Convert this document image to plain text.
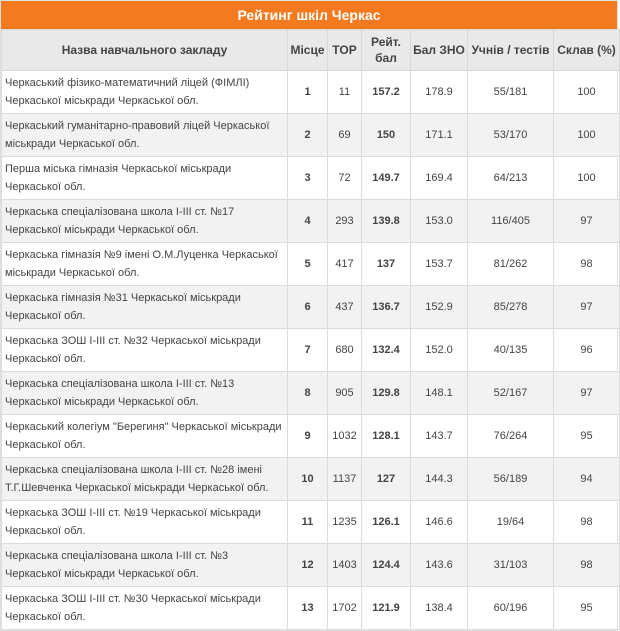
Рейтинг шкіл Черкас
Назва навчального закладу	Місце	TOP	Рейт. бал	Бал ЗНО	Учнів / тестів	Склав (%)
Черкаський фізико-математичний ліцей (ФІМЛІ) Черкаської міськради Черкаської обл.	1	11	157.2	178.9	55/181	100
Черкаський гуманітарно-правовий ліцей Черкаської міськради Черкаської обл.	2	69	150	171.1	53/170	100
Перша міська гімназія Черкаської міськради Черкаської обл.	3	72	149.7	169.4	64/213	100
Черкаська спеціалізована школа I-III ст. №17 Черкаської міськради Черкаської обл.	4	293	139.8	153.0	116/405	97
Черкаська гімназія №9 імені О.М.Луценка Черкаської міськради Черкаської обл.	5	417	137	153.7	81/262	98
Черкаська гімназія №31 Черкаської міськради Черкаської обл.	6	437	136.7	152.9	85/278	97
Черкаська ЗОШ I-III ст. №32 Черкаської міськради Черкаської обл.	7	680	132.4	152.0	40/135	96
Черкаська спеціалізована школа I-III ст. №13 Черкаської міськради Черкаської обл.	8	905	129.8	148.1	52/167	97
Черкаський колегіум "Берегиня" Черкаської міськради Черкаської обл.	9	1032	128.1	143.7	76/264	95
Черкаська спеціалізована школа I-III ст. №28 імені Т.Г.Шевченка Черкаської міськради Черкаської обл.	10	1137	127	144.3	56/189	94
Черкаська ЗОШ I-III ст. №19 Черкаської міськради Черкаської обл.	11	1235	126.1	146.6	19/64	98
Черкаська спеціалізована школа I-III ст. №3 Черкаської міськради Черкаської обл.	12	1403	124.4	143.6	31/103	98
Черкаська ЗОШ I-III ст. №30 Черкаської міськради Черкаської обл.	13	1702	121.9	138.4	60/196	95
